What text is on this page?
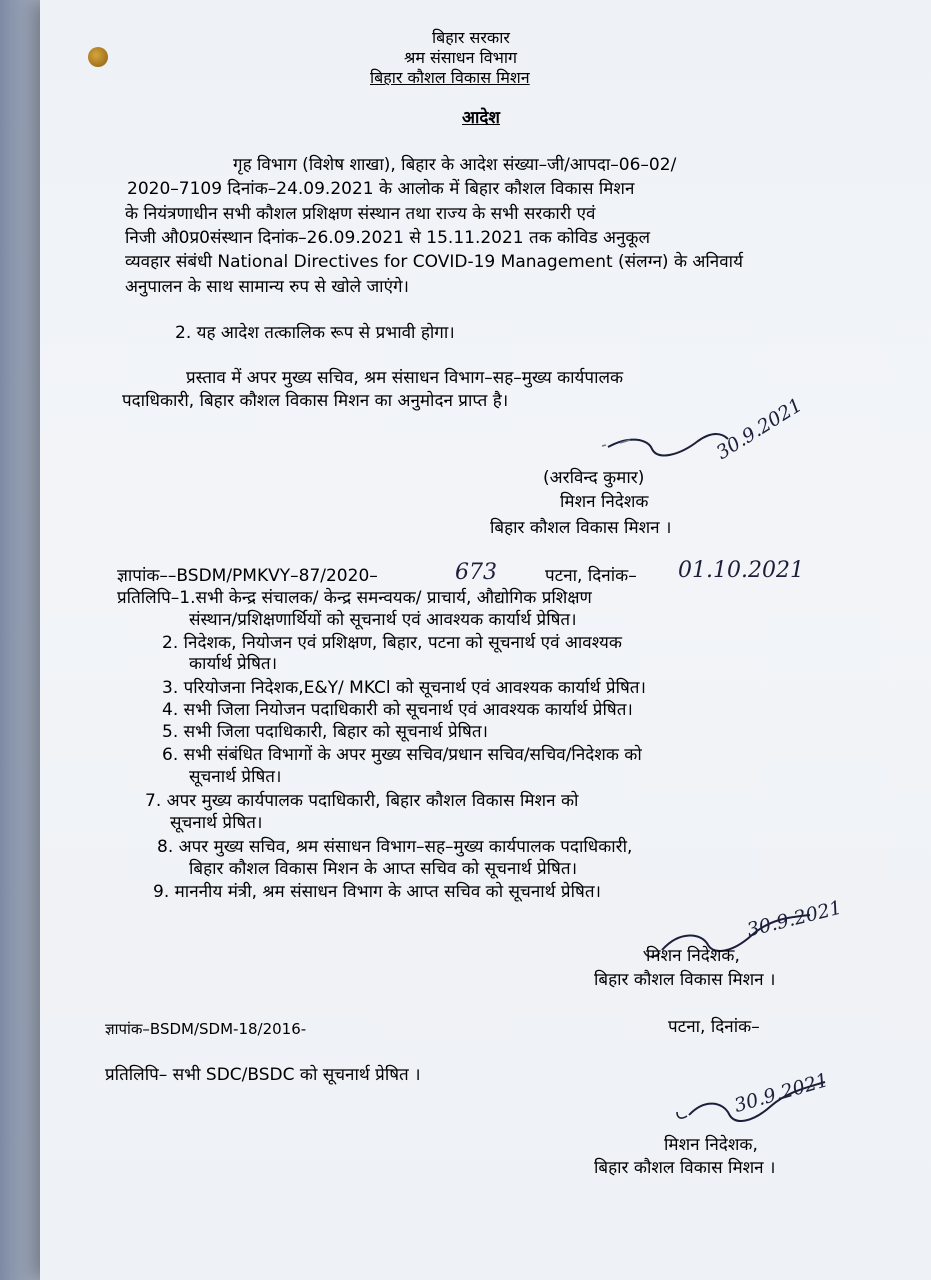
बिहार सरकार
श्रम संसाधन विभाग
बिहार कौशल विकास मिशन
आदेश
गृह विभाग (विशेष शाखा), बिहार के आदेश संख्या–जी/आपदा–06–02/
2020–7109 दिनांक–24.09.2021 के आलोक में बिहार कौशल विकास मिशन
के नियंत्रणाधीन सभी कौशल प्रशिक्षण संस्थान तथा राज्य के सभी सरकारी एवं
निजी औ0प्र0संस्थान दिनांक–26.09.2021 से 15.11.2021 तक कोविड अनुकूल
व्यवहार संबंधी National Directives for COVID-19 Management (संलग्न) के अनिवार्य
अनुपालन के साथ सामान्य रुप से खोले जाएंगे।
2. यह आदेश तत्कालिक रूप से प्रभावी होगा।
प्रस्ताव में अपर मुख्य सचिव, श्रम संसाधन विभाग–सह–मुख्य कार्यपालक
पदाधिकारी, बिहार कौशल विकास मिशन का अनुमोदन प्राप्त है।	30.9.2021
(अरविन्द कुमार)
मिशन निदेशक
बिहार कौशल विकास मिशन ।
ज्ञापांक––BSDM/PMKVY–87/2020–	673	पटना, दिनांक– 01.10.2021
प्रतिलिपि–1.सभी केन्द्र संचालक/ केन्द्र समन्वयक/ प्राचार्य, औद्योगिक प्रशिक्षण
संस्थान/प्रशिक्षणार्थियों को सूचनार्थ एवं आवश्यक कार्यार्थ प्रेषित।
2. निदेशक, नियोजन एवं प्रशिक्षण, बिहार, पटना को सूचनार्थ एवं आवश्यक
कार्यार्थ प्रेषित।
3. परियोजना निदेशक,E&Y/ MKCl को सूचनार्थ एवं आवश्यक कार्यार्थ प्रेषित।
4. सभी जिला नियोजन पदाधिकारी को सूचनार्थ एवं आवश्यक कार्यार्थ प्रेषित।
5. सभी जिला पदाधिकारी, बिहार को सूचनार्थ प्रेषित।
6. सभी संबंधित विभागों के अपर मुख्य सचिव/प्रधान सचिव/सचिव/निदेशक को
सूचनार्थ प्रेषित।
7. अपर मुख्य कार्यपालक पदाधिकारी, बिहार कौशल विकास मिशन को
सूचनार्थ प्रेषित।
8. अपर मुख्य सचिव, श्रम संसाधन विभाग–सह–मुख्य कार्यपालक पदाधिकारी,
बिहार कौशल विकास मिशन के आप्त सचिव को सूचनार्थ प्रेषित।
9. माननीय मंत्री, श्रम संसाधन विभाग के आप्त सचिव को सूचनार्थ प्रेषित।
30.9.2021
मिशन निदेशक,
बिहार कौशल विकास मिशन ।
ज्ञापांक–BSDM/SDM-18/2016-	पटना, दिनांक–
प्रतिलिपि– सभी SDC/BSDC को सूचनार्थ प्रेषित ।	30.9.2021
मिशन निदेशक,
बिहार कौशल विकास मिशन ।
